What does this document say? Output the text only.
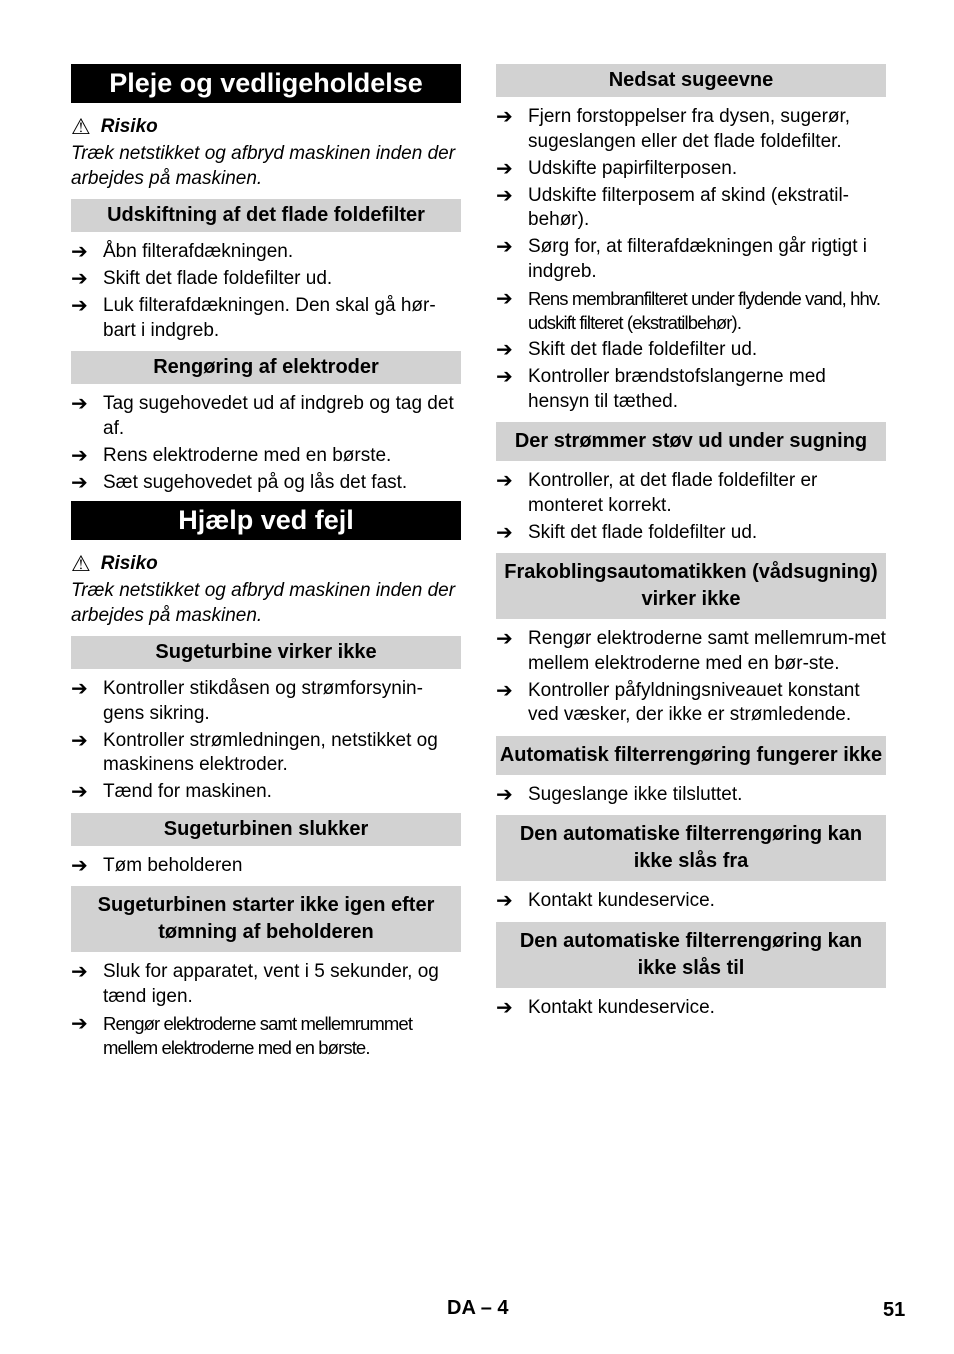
Pleje og vedligeholdelse
⚠ Risiko
Træk netstikket og afbryd maskinen inden der arbejdes på maskinen.
Udskiftning af det flade foldefilter
➔ Åbn filterafdækningen.
➔ Skift det flade foldefilter ud.
➔ Luk filterafdækningen. Den skal gå hør-bart i indgreb.
Rengøring af elektroder
➔ Tag sugehovedet ud af indgreb og tag det af.
➔ Rens elektroderne med en børste.
➔ Sæt sugehovedet på og lås det fast.
Hjælp ved fejl
⚠ Risiko
Træk netstikket og afbryd maskinen inden der arbejdes på maskinen.
Sugeturbine virker ikke
➔ Kontroller stikdåsen og strømforsynin-gens sikring.
➔ Kontroller strømledningen, netstikket og maskinens elektroder.
➔ Tænd for maskinen.
Sugeturbinen slukker
➔ Tøm beholderen
Sugeturbinen starter ikke igen efter tømning af beholderen
➔ Sluk for apparatet, vent i 5 sekunder, og tænd igen.
➔ Rengør elektroderne samt mellemrummet mellem elektroderne med en børste.
Nedsat sugeevne
➔ Fjern forstoppelser fra dysen, sugerør, sugeslangen eller det flade foldefilter.
➔ Udskifte papirfilterposen.
➔ Udskifte filterposem af skind (ekstratil-behør).
➔ Sørg for, at filterafdækningen går rigtigt i indgreb.
➔ Rens membranfilteret under flydende vand, hhv. udskift filteret (ekstratilbehør).
➔ Skift det flade foldefilter ud.
➔ Kontroller brændstofslangerne med hensyn til tæthed.
Der strømmer støv ud under sugning
➔ Kontroller, at det flade foldefilter er monteret korrekt.
➔ Skift det flade foldefilter ud.
Frakoblingsautomatikken (vådsugning) virker ikke
➔ Rengør elektroderne samt mellemrum-met mellem elektroderne med en bør-ste.
➔ Kontroller påfyldningsniveauet konstant ved væsker, der ikke er strømledende.
Automatisk filterrengøring fungerer ikke
➔ Sugeslange ikke tilsluttet.
Den automatiske filterrengøring kan ikke slås fra
➔ Kontakt kundeservice.
Den automatiske filterrengøring kan ikke slås til
➔ Kontakt kundeservice.
DA – 4	51
